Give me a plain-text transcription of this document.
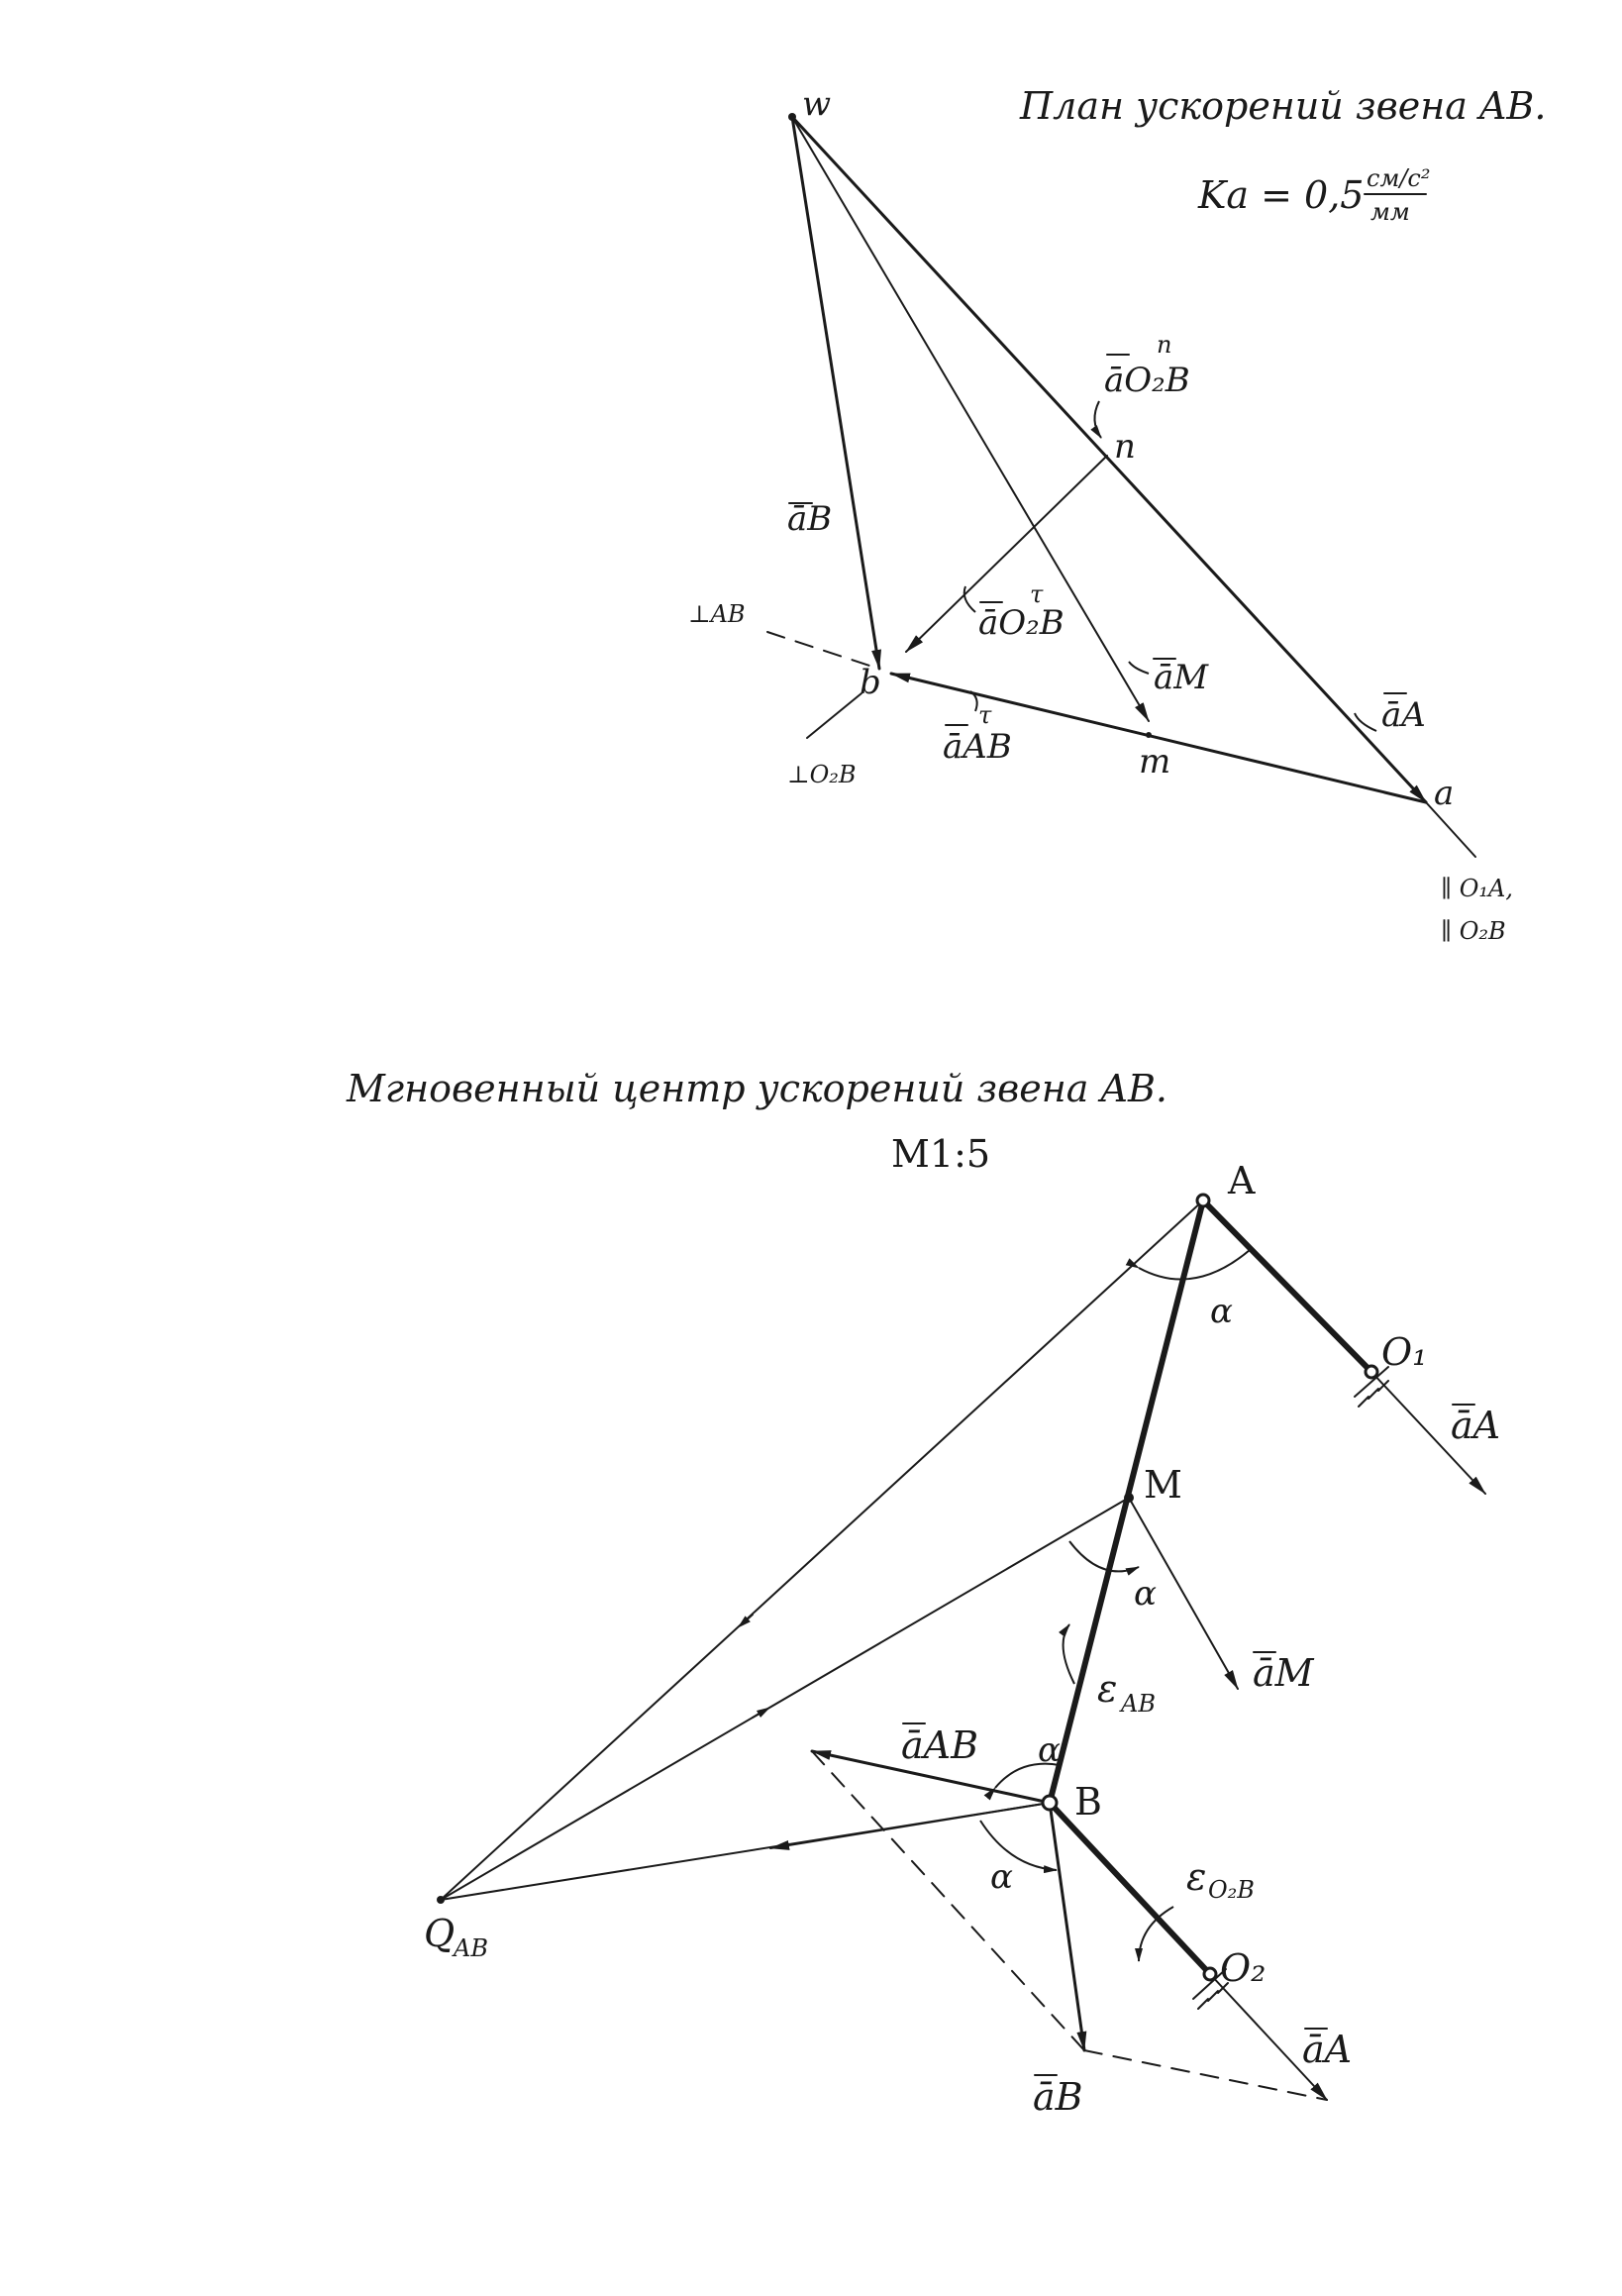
План ускорений звена AB.
Ka = 0,5 см/с²
мм
w
n
b
m
a
āB
āO₂B
n
āO₂B
τ
āM
āA
āAB
τ
⊥AB
⊥O₂B
∥ O₁A,
∥ O₂B
Мгновенный центр ускорений звена AB.
M1:5
A
O₁
M
B
O₂
Q
AB
āA
āM
āAB
āB
āA
ε AB
ε O₂B
α
α
α
α
